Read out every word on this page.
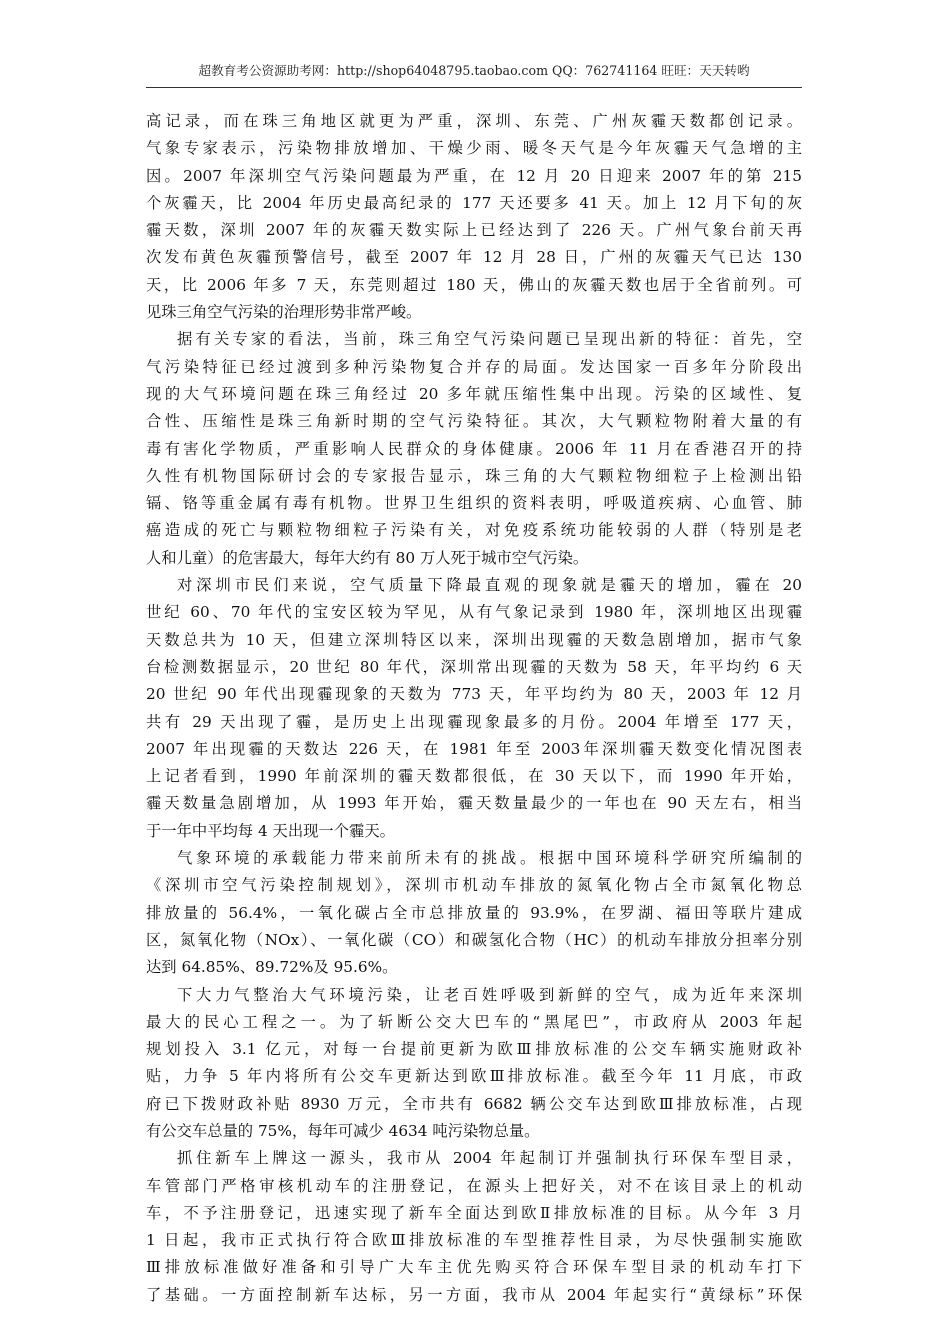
超教育考公资源助考网：http://shop64048795.taobao.com QQ：762741164 旺旺：天天转哟
高记录，而在珠三角地区就更为严重，深圳、东莞、广州灰霾天数都创记录。
气象专家表示，污染物排放增加、干燥少雨、暖冬天气是今年灰霾天气急增的主
因。2007 年深圳空气污染问题最为严重，在 12 月 20 日迎来 2007 年的第 215
个灰霾天，比 2004 年历史最高纪录的 177 天还要多 41 天。加上 12 月下旬的灰
霾天数，深圳 2007 年的灰霾天数实际上已经达到了 226 天。广州气象台前天再
次发布黄色灰霾预警信号，截至 2007 年 12 月 28 日，广州的灰霾天气已达 130
天，比 2006 年多 7 天，东莞则超过 180 天，佛山的灰霾天数也居于全省前列。可
见珠三角空气污染的治理形势非常严峻。
据有关专家的看法，当前，珠三角空气污染问题已呈现出新的特征：首先，空
气污染特征已经过渡到多种污染物复合并存的局面。发达国家一百多年分阶段出
现的大气环境问题在珠三角经过 20 多年就压缩性集中出现。污染的区域性、复
合性、压缩性是珠三角新时期的空气污染特征。其次，大气颗粒物附着大量的有
毒有害化学物质，严重影响人民群众的身体健康。2006 年 11 月在香港召开的持
久性有机物国际研讨会的专家报告显示，珠三角的大气颗粒物细粒子上检测出铅
镉、铬等重金属有毒有机物。世界卫生组织的资料表明，呼吸道疾病、心血管、肺
癌造成的死亡与颗粒物细粒子污染有关，对免疫系统功能较弱的人群（特别是老
人和儿童）的危害最大，每年大约有 80 万人死于城市空气污染。
对深圳市民们来说，空气质量下降最直观的现象就是霾天的增加，霾在 20
世纪 60、70 年代的宝安区较为罕见，从有气象记录到 1980 年，深圳地区出现霾
天数总共为 10 天，但建立深圳特区以来，深圳出现霾的天数急剧增加，据市气象
台检测数据显示，20 世纪 80 年代，深圳常出现霾的天数为 58 天，年平均约 6 天
20 世纪 90 年代出现霾现象的天数为 773 天，年平均约为 80 天，2003 年 12 月
共有 29 天出现了霾，是历史上出现霾现象最多的月份。2004 年增至 177 天，
2007 年出现霾的天数达 226 天，在 1981 年至 2003年深圳霾天数变化情况图表
上记者看到，1990 年前深圳的霾天数都很低，在 30 天以下，而 1990 年开始，
霾天数量急剧增加，从 1993 年开始，霾天数量最少的一年也在 90 天左右，相当
于一年中平均每 4 天出现一个霾天。
气象环境的承载能力带来前所未有的挑战。根据中国环境科学研究所编制的
《深圳市空气污染控制规划》，深圳市机动车排放的氮氧化物占全市氮氧化物总
排放量的 56.4%，一氧化碳占全市总排放量的 93.9%，在罗湖、福田等联片建成
区，氮氧化物（NOx）、一氧化碳（CO）和碳氢化合物（HC）的机动车排放分担率分别
达到 64.85%、89.72%及 95.6%。
下大力气整治大气环境污染，让老百姓呼吸到新鲜的空气，成为近年来深圳
最大的民心工程之一。为了斩断公交大巴车的“黑尾巴”，市政府从 2003 年起
规划投入 3.1 亿元，对每一台提前更新为欧Ⅲ排放标准的公交车辆实施财政补
贴，力争 5 年内将所有公交车更新达到欧Ⅲ排放标准。截至今年 11 月底，市政
府已下拨财政补贴 8930 万元，全市共有 6682 辆公交车达到欧Ⅲ排放标准，占现
有公交车总量的 75%，每年可减少 4634 吨污染物总量。
抓住新车上牌这一源头，我市从 2004 年起制订并强制执行环保车型目录，
车管部门严格审核机动车的注册登记，在源头上把好关，对不在该目录上的机动
车，不予注册登记，迅速实现了新车全面达到欧Ⅱ排放标准的目标。从今年 3 月
1 日起，我市正式执行符合欧Ⅲ排放标准的车型推荐性目录，为尽快强制实施欧
Ⅲ排放标准做好准备和引导广大车主优先购买符合环保车型目录的机动车打下
了基础。一方面控制新车达标，另一方面，我市从 2004 年起实行“黄绿标”环保
